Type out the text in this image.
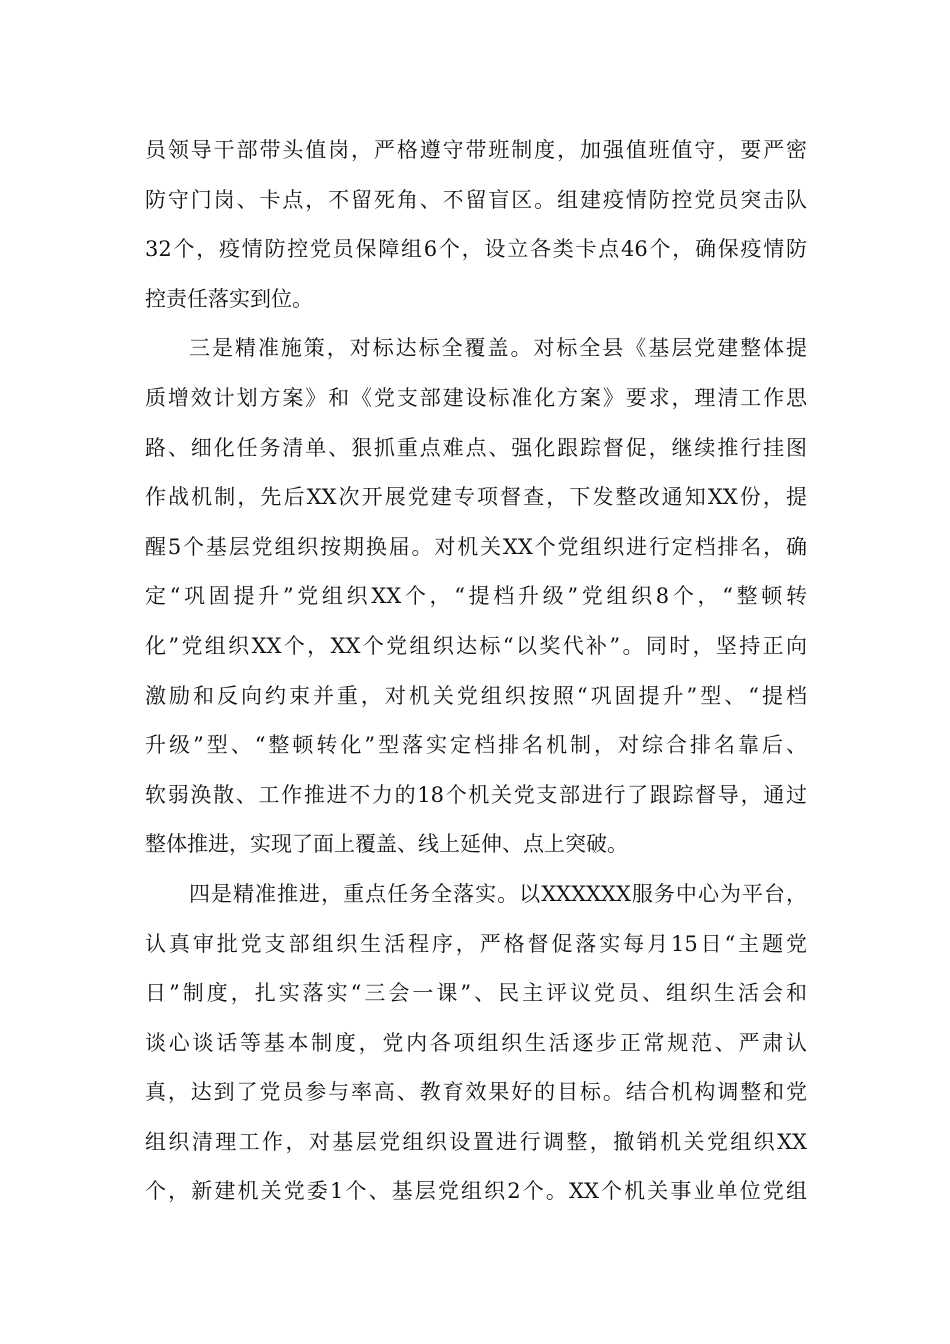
员领导干部带头值岗，严格遵守带班制度，加强值班值守，要严密
防守门岗、卡点，不留死角、不留盲区。组建疫情防控党员突击队
32个，疫情防控党员保障组6个，设立各类卡点46个，确保疫情防
控责任落实到位。
三是精准施策，对标达标全覆盖。对标全县《基层党建整体提
质增效计划方案》和《党支部建设标准化方案》要求，理清工作思
路、细化任务清单、狠抓重点难点、强化跟踪督促，继续推行挂图
作战机制，先后XX次开展党建专项督查，下发整改通知XX份，提
醒5个基层党组织按期换届。对机关XX个党组织进行定档排名，确
定“巩固提升”党组织XX个，“提档升级”党组织8个，“整顿转
化”党组织XX个，XX个党组织达标“以奖代补”。同时，坚持正向
激励和反向约束并重，对机关党组织按照“巩固提升”型、“提档
升级”型、“整顿转化”型落实定档排名机制，对综合排名靠后、
软弱涣散、工作推进不力的18个机关党支部进行了跟踪督导，通过
整体推进，实现了面上覆盖、线上延伸、点上突破。
四是精准推进，重点任务全落实。以XXXXXX服务中心为平台，
认真审批党支部组织生活程序，严格督促落实每月15日“主题党
日”制度，扎实落实“三会一课”、民主评议党员、组织生活会和
谈心谈话等基本制度，党内各项组织生活逐步正常规范、严肃认
真，达到了党员参与率高、教育效果好的目标。结合机构调整和党
组织清理工作，对基层党组织设置进行调整，撤销机关党组织XX
个，新建机关党委1个、基层党组织2个。XX个机关事业单位党组
